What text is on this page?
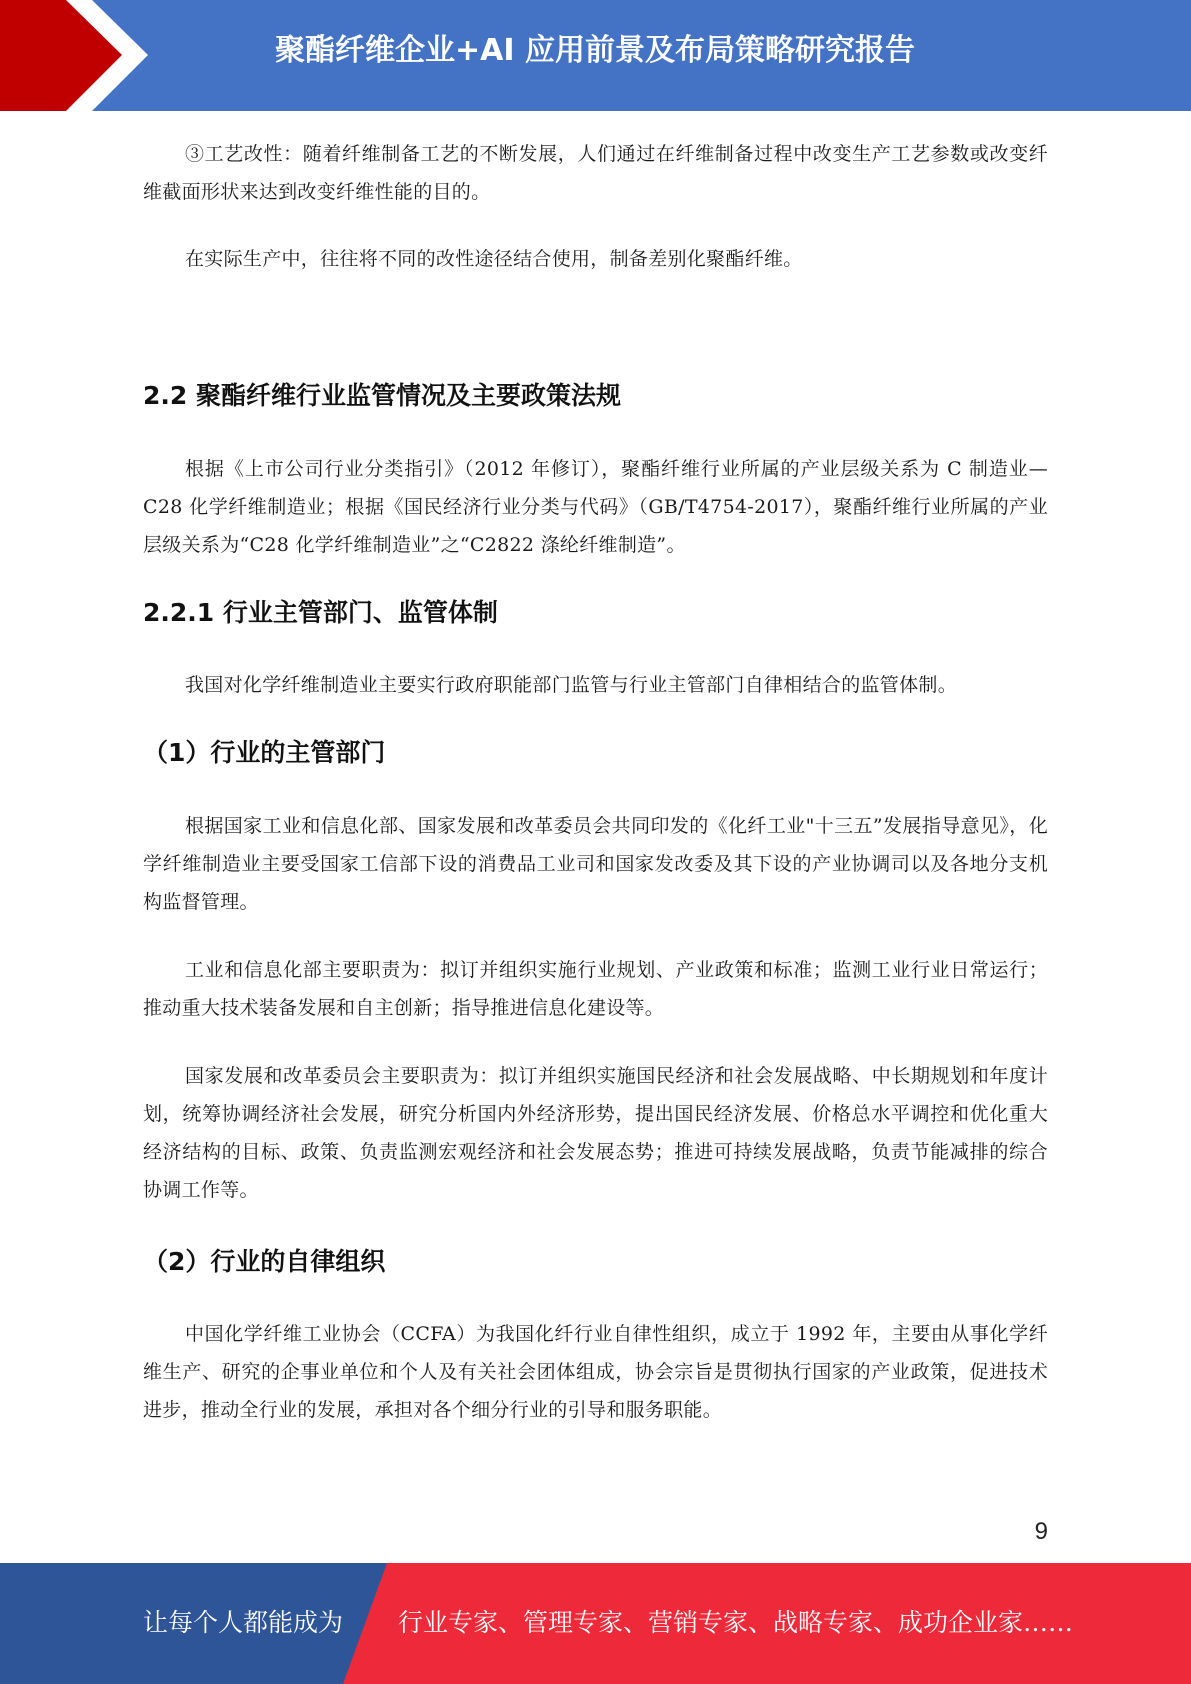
聚酯纤维企业+AI 应用前景及布局策略研究报告

③工艺改性：随着纤维制备工艺的不断发展，人们通过在纤维制备过程中改变生产工艺参数或改变纤维截面形状来达到改变纤维性能的目的。

在实际生产中，往往将不同的改性途径结合使用，制备差别化聚酯纤维。

2.2 聚酯纤维行业监管情况及主要政策法规

根据《上市公司行业分类指引》（2012 年修订），聚酯纤维行业所属的产业层级关系为 C 制造业—C28 化学纤维制造业；根据《国民经济行业分类与代码》（GB/T4754-2017），聚酯纤维行业所属的产业层级关系为“C28 化学纤维制造业”之“C2822 涤纶纤维制造”。

2.2.1 行业主管部门、监管体制

我国对化学纤维制造业主要实行政府职能部门监管与行业主管部门自律相结合的监管体制。

（1）行业的主管部门

根据国家工业和信息化部、国家发展和改革委员会共同印发的《化纤工业"十三五”发展指导意见》，化学纤维制造业主要受国家工信部下设的消费品工业司和国家发改委及其下设的产业协调司以及各地分支机构监督管理。

工业和信息化部主要职责为：拟订并组织实施行业规划、产业政策和标准；监测工业行业日常运行；推动重大技术装备发展和自主创新；指导推进信息化建设等。

国家发展和改革委员会主要职责为：拟订并组织实施国民经济和社会发展战略、中长期规划和年度计划，统筹协调经济社会发展，研究分析国内外经济形势，提出国民经济发展、价格总水平调控和优化重大经济结构的目标、政策、负责监测宏观经济和社会发展态势；推进可持续发展战略，负责节能减排的综合协调工作等。

（2）行业的自律组织

中国化学纤维工业协会（CCFA）为我国化纤行业自律性组织，成立于 1992 年，主要由从事化学纤维生产、研究的企事业单位和个人及有关社会团体组成，协会宗旨是贯彻执行国家的产业政策，促进技术进步，推动全行业的发展，承担对各个细分行业的引导和服务职能。

9
让每个人都能成为 行业专家、管理专家、营销专家、战略专家、成功企业家……
